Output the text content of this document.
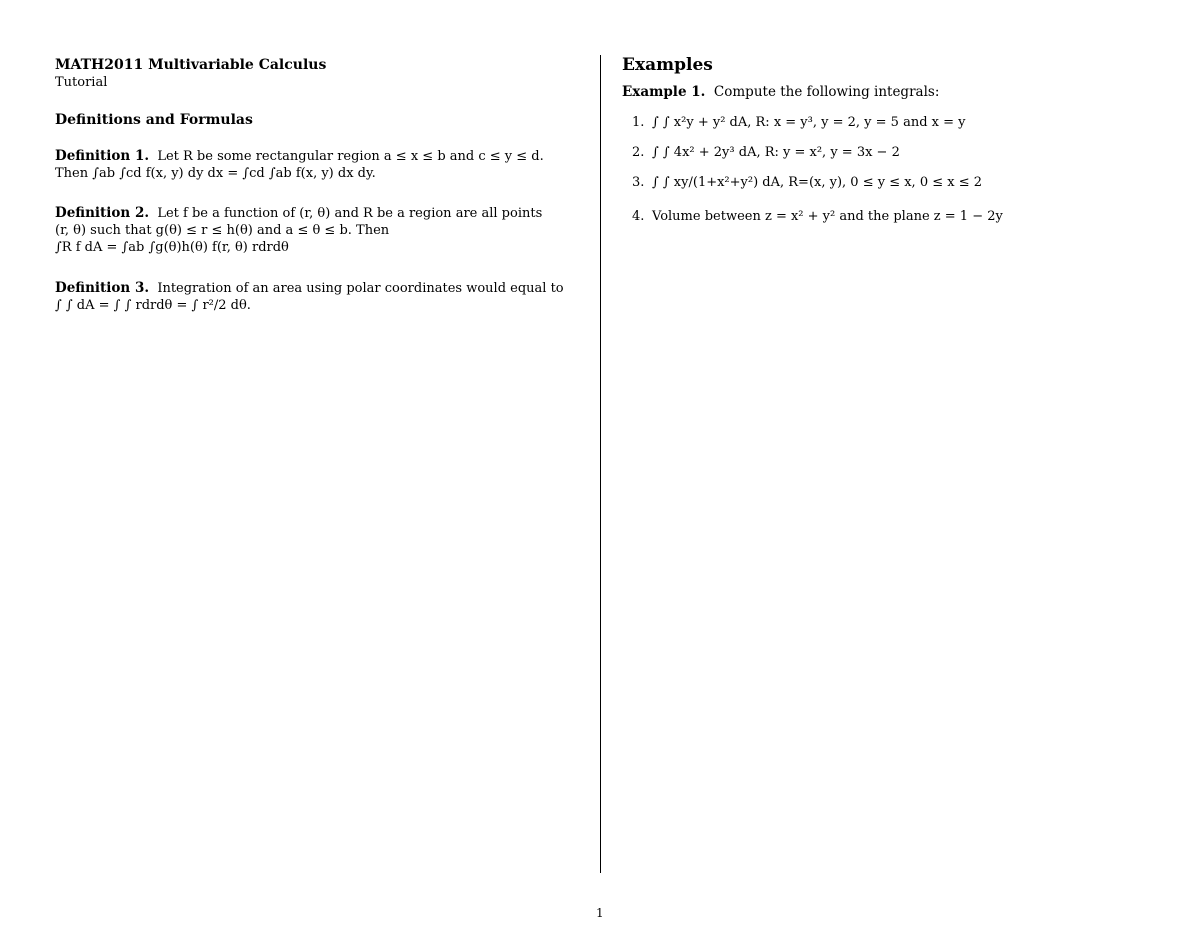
MATH2011 Multivariable Calculus
Tutorial
Definitions and Formulas
Definition 1. Let R be some rectangular region a ≤ x ≤ b and c ≤ y ≤ d.
Then ∫ab ∫cd f(x, y) dy dx = ∫cd ∫ab f(x, y) dx dy.
Definition 2. Let f be a function of (r, θ) and R be a region are all points
(r, θ) such that g(θ) ≤ r ≤ h(θ) and a ≤ θ ≤ b. Then
∫R f dA = ∫ab ∫g(θ)h(θ) f(r, θ) rdrdθ
Definition 3. Integration of an area using polar coordinates would equal to
∫ ∫ dA = ∫ ∫ rdrdθ = ∫ r²/2 dθ.
Examples
Example 1. Compute the following integrals:
1. ∫ ∫ x²y + y² dA, R: x = y³, y = 2, y = 5 and x = y
2. ∫ ∫ 4x² + 2y³ dA, R: y = x², y = 3x − 2
3. ∫ ∫ xy/(1+x²+y²) dA, R=(x, y), 0 ≤ y ≤ x, 0 ≤ x ≤ 2
4. Volume between z = x² + y² and the plane z = 1 − 2y
1
